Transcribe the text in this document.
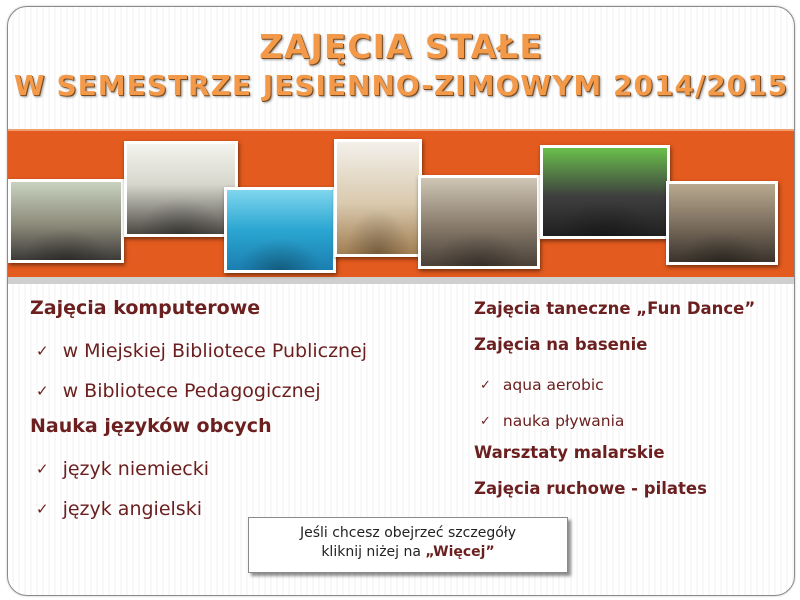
ZAJĘCIA STAŁE
W SEMESTRZE JESIENNO-ZIMOWYM 2014/2015
Zajęcia komputerowe
✓ w Miejskiej Bibliotece Publicznej
✓ w Bibliotece Pedagogicznej
Nauka języków obcych
✓ język niemiecki
✓ język angielski
Zajęcia taneczne „Fun Dance”
Zajęcia na basenie
✓ aqua aerobic
✓ nauka pływania
Warsztaty malarskie
Zajęcia ruchowe - pilates
Jeśli chcesz obejrzeć szczegóły
kliknij niżej na „Więcej”
